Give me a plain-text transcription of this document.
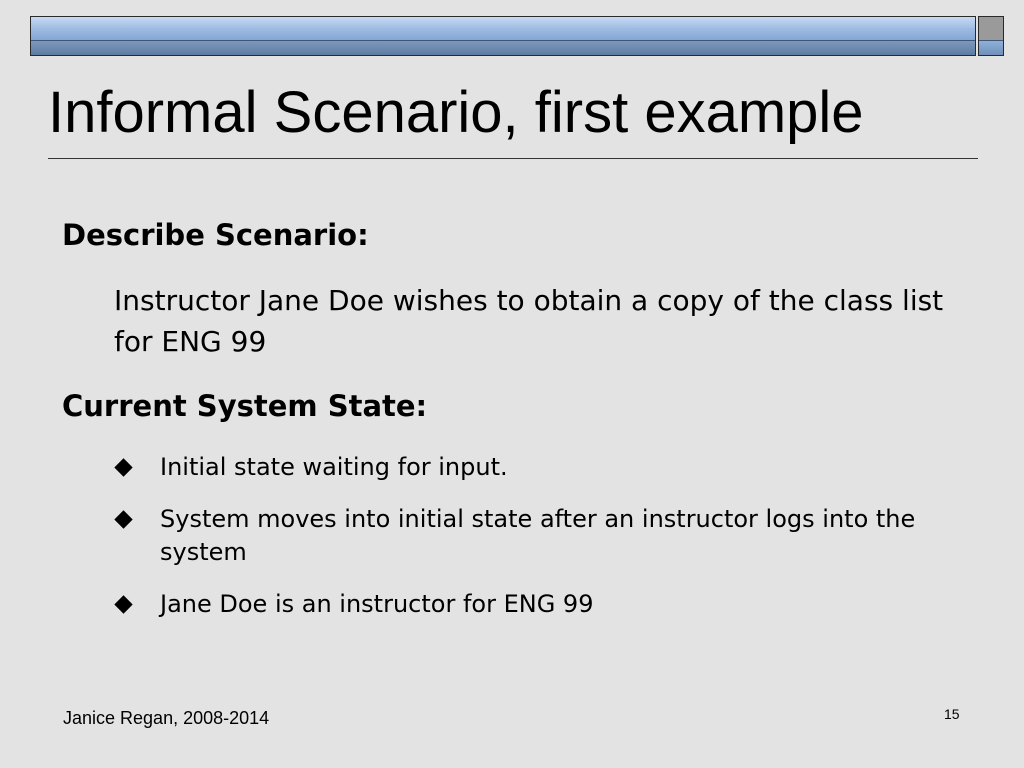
Informal Scenario, first example
Describe Scenario:

Instructor Jane Doe wishes to obtain a copy of the class list for ENG 99

Current System State:
Initial state waiting for input.
System moves into initial state after an instructor logs into the system
Jane Doe is an instructor for ENG 99
Janice Regan, 2008-2014	15
